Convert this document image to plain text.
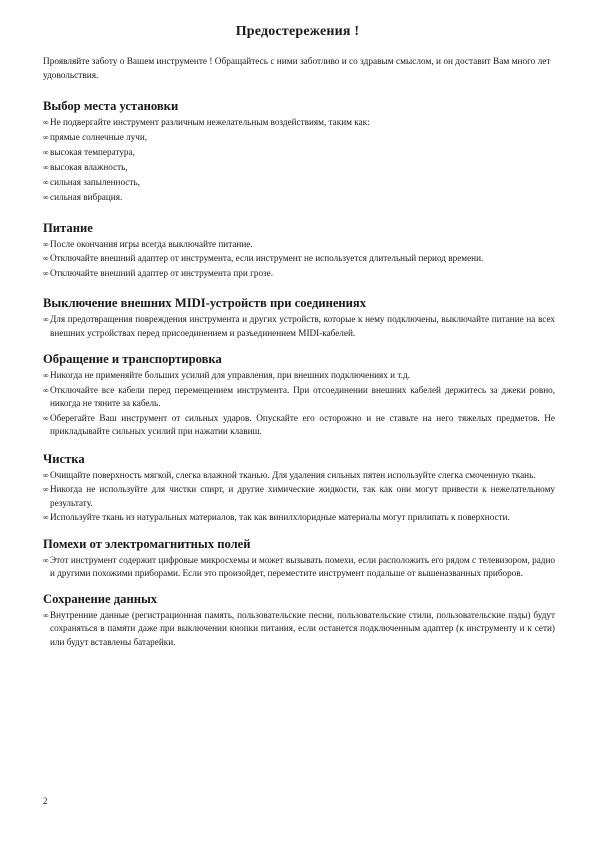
Предостережения !

Проявляйте заботу о Вашем инструменте ! Обращайтесь с ними заботливо и со здравым смыслом, и он доставит Вам много лет удовольствия.

Выбор места установки
∞ Не подвергайте инструмент различным нежелательным воздействиям, таким как:
∞ прямые солнечные лучи,
∞ высокая температура,
∞ высокая влажность,
∞ сильная запыленность,
∞ сильная вибрация.
Питание
∞ После окончания игры всегда выключайте питание.
∞ Отключайте внешний адаптер от инструмента, если инструмент не используется длительный период времени.
∞ Отключайте внешний адаптер от инструмента при грозе.
Выключение внешних MIDI-устройств при соединениях
∞ Для предотвращения повреждения инструмента и других устройств, которые к нему подключены, выключайте питание на всех внешних устройствах перед присоединением и разъединением MIDI-кабелей.
Обращение и транспортировка
∞ Никогда не применяйте больших усилий для управления, при внешних подключениях и т.д.
∞ Отключайте все кабели перед перемещением инструмента. При отсоединении внешних кабелей держитесь за джеки ровно, никогда не тяните за кабель.
∞ Оберегайте Ваш инструмент от сильных ударов. Опускайте его осторожно и не ставьте на него тяжелых предметов. Не прикладывайте сильных усилий при нажатии клавиш.
Чистка
∞ Очищайте поверхность мягкой, слегка влажной тканью. Для удаления сильных пятен используйте слегка смоченную ткань.
∞ Никогда не используйте для чистки спирт, и другие химические жидкости, так как они могут привести к нежелательному результату.
∞ Используйте ткань из натуральных материалов, так как винилхлоридные материалы могут прилипать к поверхности.
Помехи от электромагнитных полей
∞ Этот инструмент содержит цифровые микросхемы и может вызывать помехи, если расположить его рядом с телевизором, радио и другими похожими приборами. Если это произойдет, переместите инструмент подальше от вышеназванных приборов.
Сохранение данных
∞ Внутренние данные (регистрационная память, пользовательские песни, пользовательские стили, пользовательские пэды) будут сохраняться в памяти даже при выключении кнопки питания, если останется подключенным адаптер (к инструменту и к сети) или будут вставлены батарейки.
2
